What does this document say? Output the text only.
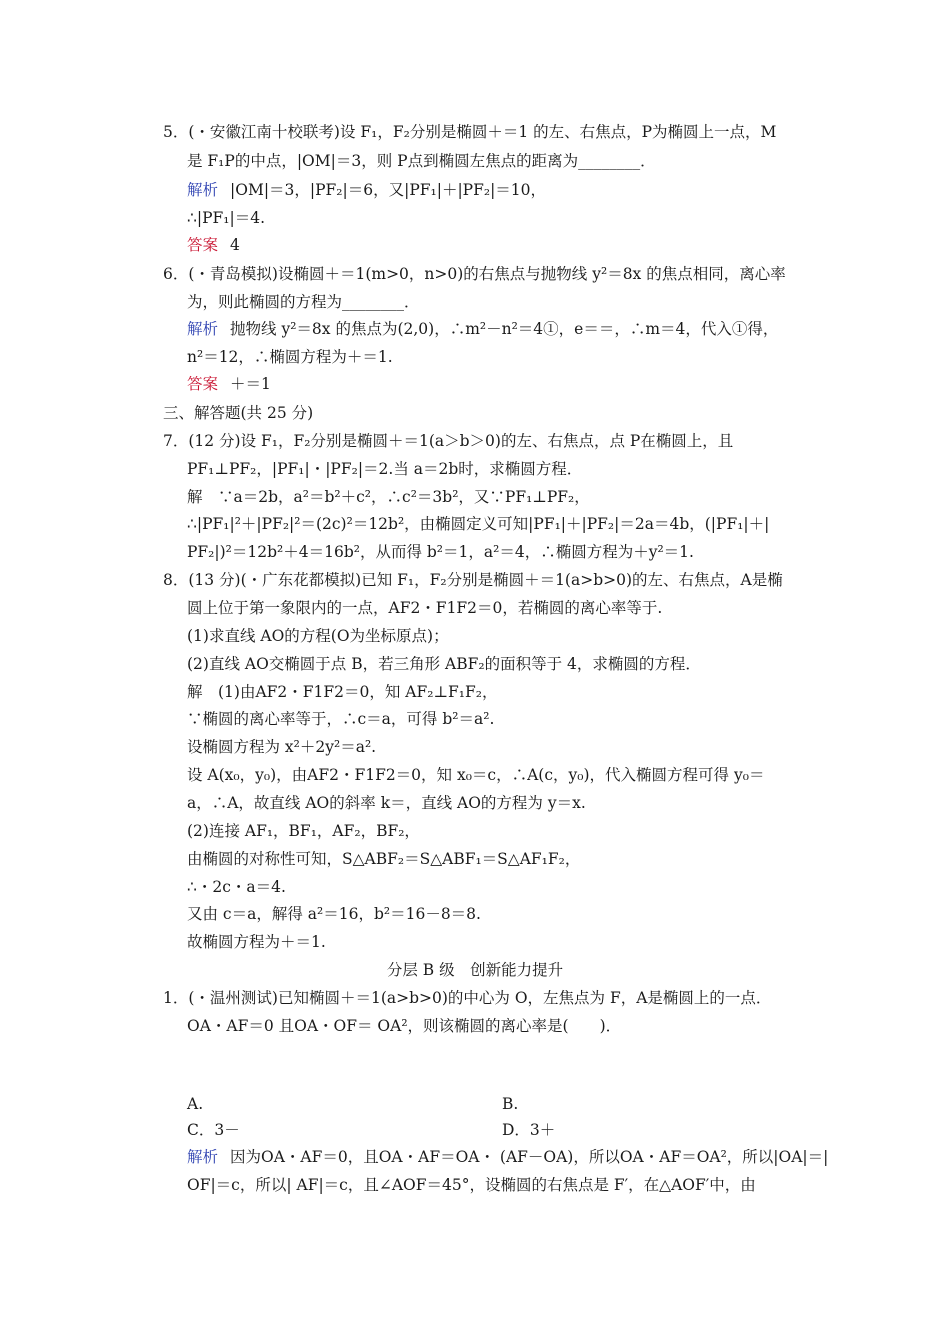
5．(・安徽江南十校联考)设 F₁，F₂分别是椭圆＋＝1 的左、右焦点，P为椭圆上一点，M
是 F₁P的中点，|OM|＝3，则 P点到椭圆左焦点的距离为________．
解析 |OM|＝3，|PF₂|＝6，又|PF₁|＋|PF₂|＝10，
∴|PF₁|＝4.
答案 4
6．(・青岛模拟)设椭圆＋＝1(m>0，n>0)的右焦点与抛物线 y²＝8x 的焦点相同，离心率
为，则此椭圆的方程为________．
解析 抛物线 y²＝8x 的焦点为(2,0)，∴m²－n²＝4①，e＝＝，∴m＝4，代入①得，
n²＝12，∴椭圆方程为＋＝1.
答案 ＋＝1
三、解答题(共 25 分)
7．(12 分)设 F₁，F₂分别是椭圆＋＝1(a＞b＞0)的左、右焦点，点 P在椭圆上，且
PF₁⊥PF₂，|PF₁|・|PF₂|＝2.当 a＝2b时，求椭圆方程．
解　∵a＝2b，a²＝b²＋c²，∴c²＝3b²，又∵PF₁⊥PF₂，
∴|PF₁|²＋|PF₂|²＝(2c)²＝12b²，由椭圆定义可知|PF₁|＋|PF₂|＝2a＝4b，(|PF₁|＋|
PF₂|)²＝12b²＋4＝16b²，从而得 b²＝1，a²＝4，∴椭圆方程为＋y²＝1.
8．(13 分)(・广东花都模拟)已知 F₁，F₂分别是椭圆＋＝1(a>b>0)的左、右焦点，A是椭
圆上位于第一象限内的一点，AF2・F1F2＝0，若椭圆的离心率等于.
(1)求直线 AO的方程(O为坐标原点)；
(2)直线 AO交椭圆于点 B，若三角形 ABF₂的面积等于 4，求椭圆的方程．
解　(1)由AF2・F1F2＝0，知 AF₂⊥F₁F₂，
∵椭圆的离心率等于，∴c＝a，可得 b²＝a².
设椭圆方程为 x²＋2y²＝a².
设 A(x₀，y₀)，由AF2・F1F2＝0，知 x₀＝c，∴A(c，y₀)，代入椭圆方程可得 y₀＝
a，∴A，故直线 AO的斜率 k＝，直线 AO的方程为 y＝x.
(2)连接 AF₁，BF₁，AF₂，BF₂，
由椭圆的对称性可知，S△ABF₂＝S△ABF₁＝S△AF₁F₂，
∴・2c・a＝4.
又由 c＝a，解得 a²＝16，b²＝16－8＝8.
故椭圆方程为＋＝1.
分层 B 级　创新能力提升
1．(・温州测试)已知椭圆＋＝1(a>b>0)的中心为 O，左焦点为 F，A是椭圆上的一点．
OA・AF＝0 且OA・OF＝ OA²，则该椭圆的离心率是(　　)．
A.	B.
C．3－	D．3＋
解析 因为OA・AF＝0，且OA・AF＝OA・ (AF－OA)，所以OA・AF＝OA²，所以|OA|＝|
OF|＝c，所以| AF|＝c，且∠AOF＝45°，设椭圆的右焦点是 F′，在△AOF′中，由
